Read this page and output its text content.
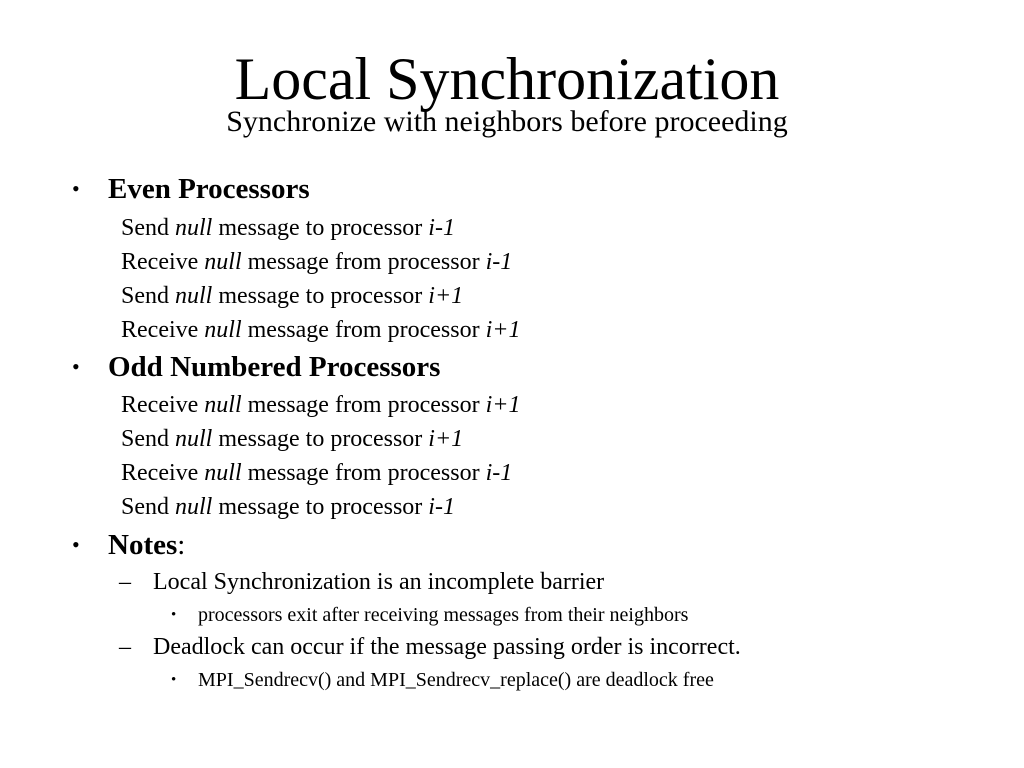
Local Synchronization
Synchronize with neighbors before proceeding
• Even Processors
Send null message to processor i-1
Receive null message from processor i-1
Send null message to processor i+1
Receive null message from processor i+1
• Odd Numbered Processors
Receive null message from processor i+1
Send null message to processor i+1
Receive null message from processor i-1
Send null message to processor i-1
• Notes:
– Local Synchronization is an incomplete barrier
• processors exit after receiving messages from their neighbors
– Deadlock can occur if the message passing order is incorrect.
• MPI_Sendrecv() and MPI_Sendrecv_replace() are deadlock free
